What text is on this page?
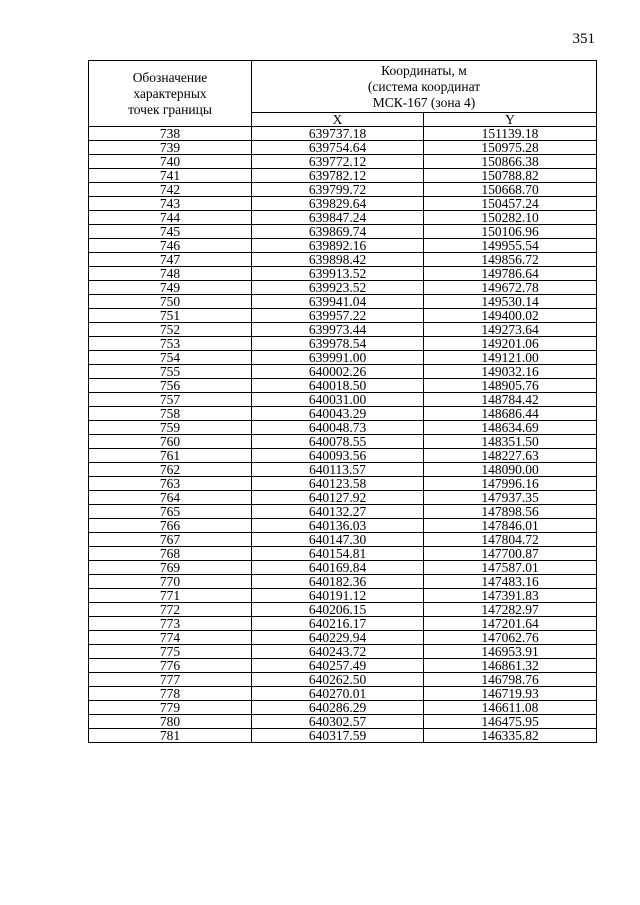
351
Обозначение
характерных
точек границы	Координаты, м
(система координат
МСК-167 (зона 4)	

	X	Y
738	639737.18	151139.18
739	639754.64	150975.28
740	639772.12	150866.38
741	639782.12	150788.82
742	639799.72	150668.70
743	639829.64	150457.24
744	639847.24	150282.10
745	639869.74	150106.96
746	639892.16	149955.54
747	639898.42	149856.72
748	639913.52	149786.64
749	639923.52	149672.78
750	639941.04	149530.14
751	639957.22	149400.02
752	639973.44	149273.64
753	639978.54	149201.06
754	639991.00	149121.00
755	640002.26	149032.16
756	640018.50	148905.76
757	640031.00	148784.42
758	640043.29	148686.44
759	640048.73	148634.69
760	640078.55	148351.50
761	640093.56	148227.63
762	640113.57	148090.00
763	640123.58	147996.16
764	640127.92	147937.35
765	640132.27	147898.56
766	640136.03	147846.01
767	640147.30	147804.72
768	640154.81	147700.87
769	640169.84	147587.01
770	640182.36	147483.16
771	640191.12	147391.83
772	640206.15	147282.97
773	640216.17	147201.64
774	640229.94	147062.76
775	640243.72	146953.91
776	640257.49	146861.32
777	640262.50	146798.76
778	640270.01	146719.93
779	640286.29	146611.08
780	640302.57	146475.95
781	640317.59	146335.82
